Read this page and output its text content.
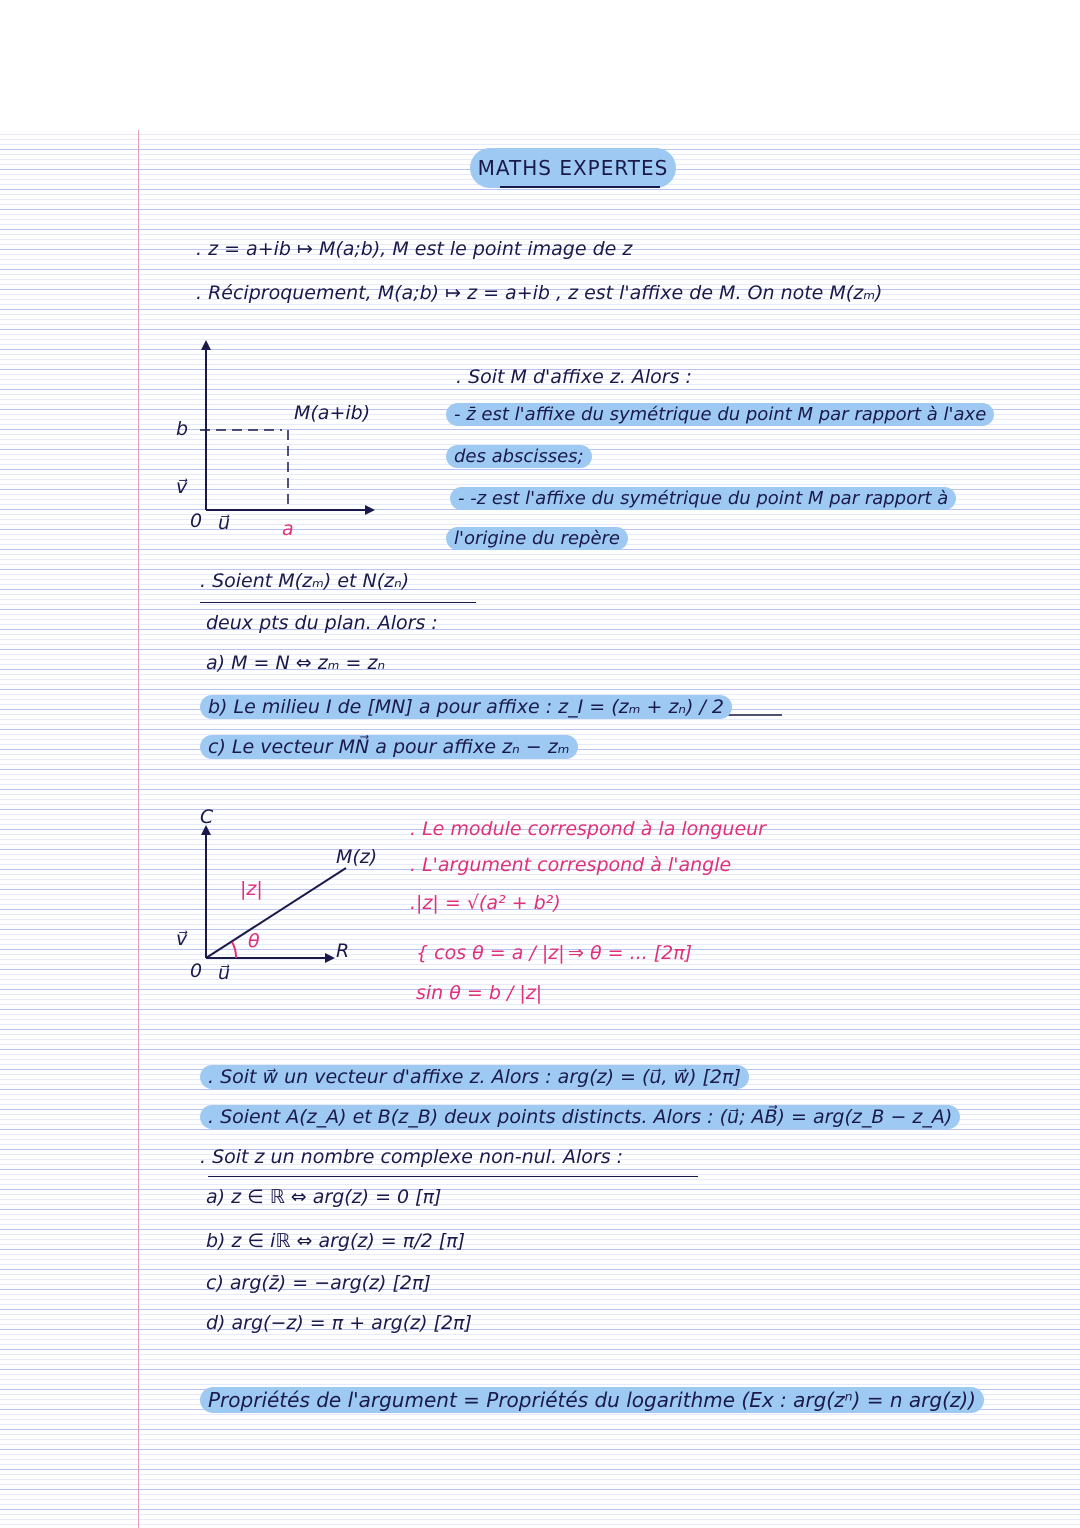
MATHS EXPERTES
. z = a+ib ↦ M(a;b), M est le point image de z
. Réciproquement, M(a;b) ↦ z = a+ib , z est l'affixe de M. On note M(zₘ)
b
v⃗
0 u⃗	a
M(a+ib)
. Soit M d'affixe z. Alors :
- z̄ est l'affixe du symétrique du point M par rapport à l'axe
des abscisses;
- -z est l'affixe du symétrique du point M par rapport à
l'origine du repère
. Soient M(zₘ) et N(zₙ)
deux pts du plan. Alors :
a) M = N ⇔ zₘ = zₙ
b) Le milieu I de [MN] a pour affixe : z_I = (zₘ + zₙ) / 2
c) Le vecteur MN⃗ a pour affixe zₙ − zₘ
C
v⃗
0 u⃗
R
M(z)
|z|
θ
. Le module correspond à la longueur
. L'argument correspond à l'angle
.|z| = √(a² + b²)
{ cos θ = a / |z|
sin θ = b / |z|
⇒ θ = ... [2π]
. Soit w⃗ un vecteur d'affixe z. Alors : arg(z) = (u⃗, w⃗) [2π]
. Soient A(z_A) et B(z_B) deux points distincts. Alors : (u⃗; AB⃗) = arg(z_B − z_A)
. Soit z un nombre complexe non-nul. Alors :
a) z ∈ ℝ ⇔ arg(z) = 0 [π]
b) z ∈ iℝ ⇔ arg(z) = π/2 [π]
c) arg(z̄) = −arg(z) [2π]
d) arg(−z) = π + arg(z) [2π]
Propriétés de l'argument = Propriétés du logarithme (Ex : arg(zⁿ) = n arg(z))
